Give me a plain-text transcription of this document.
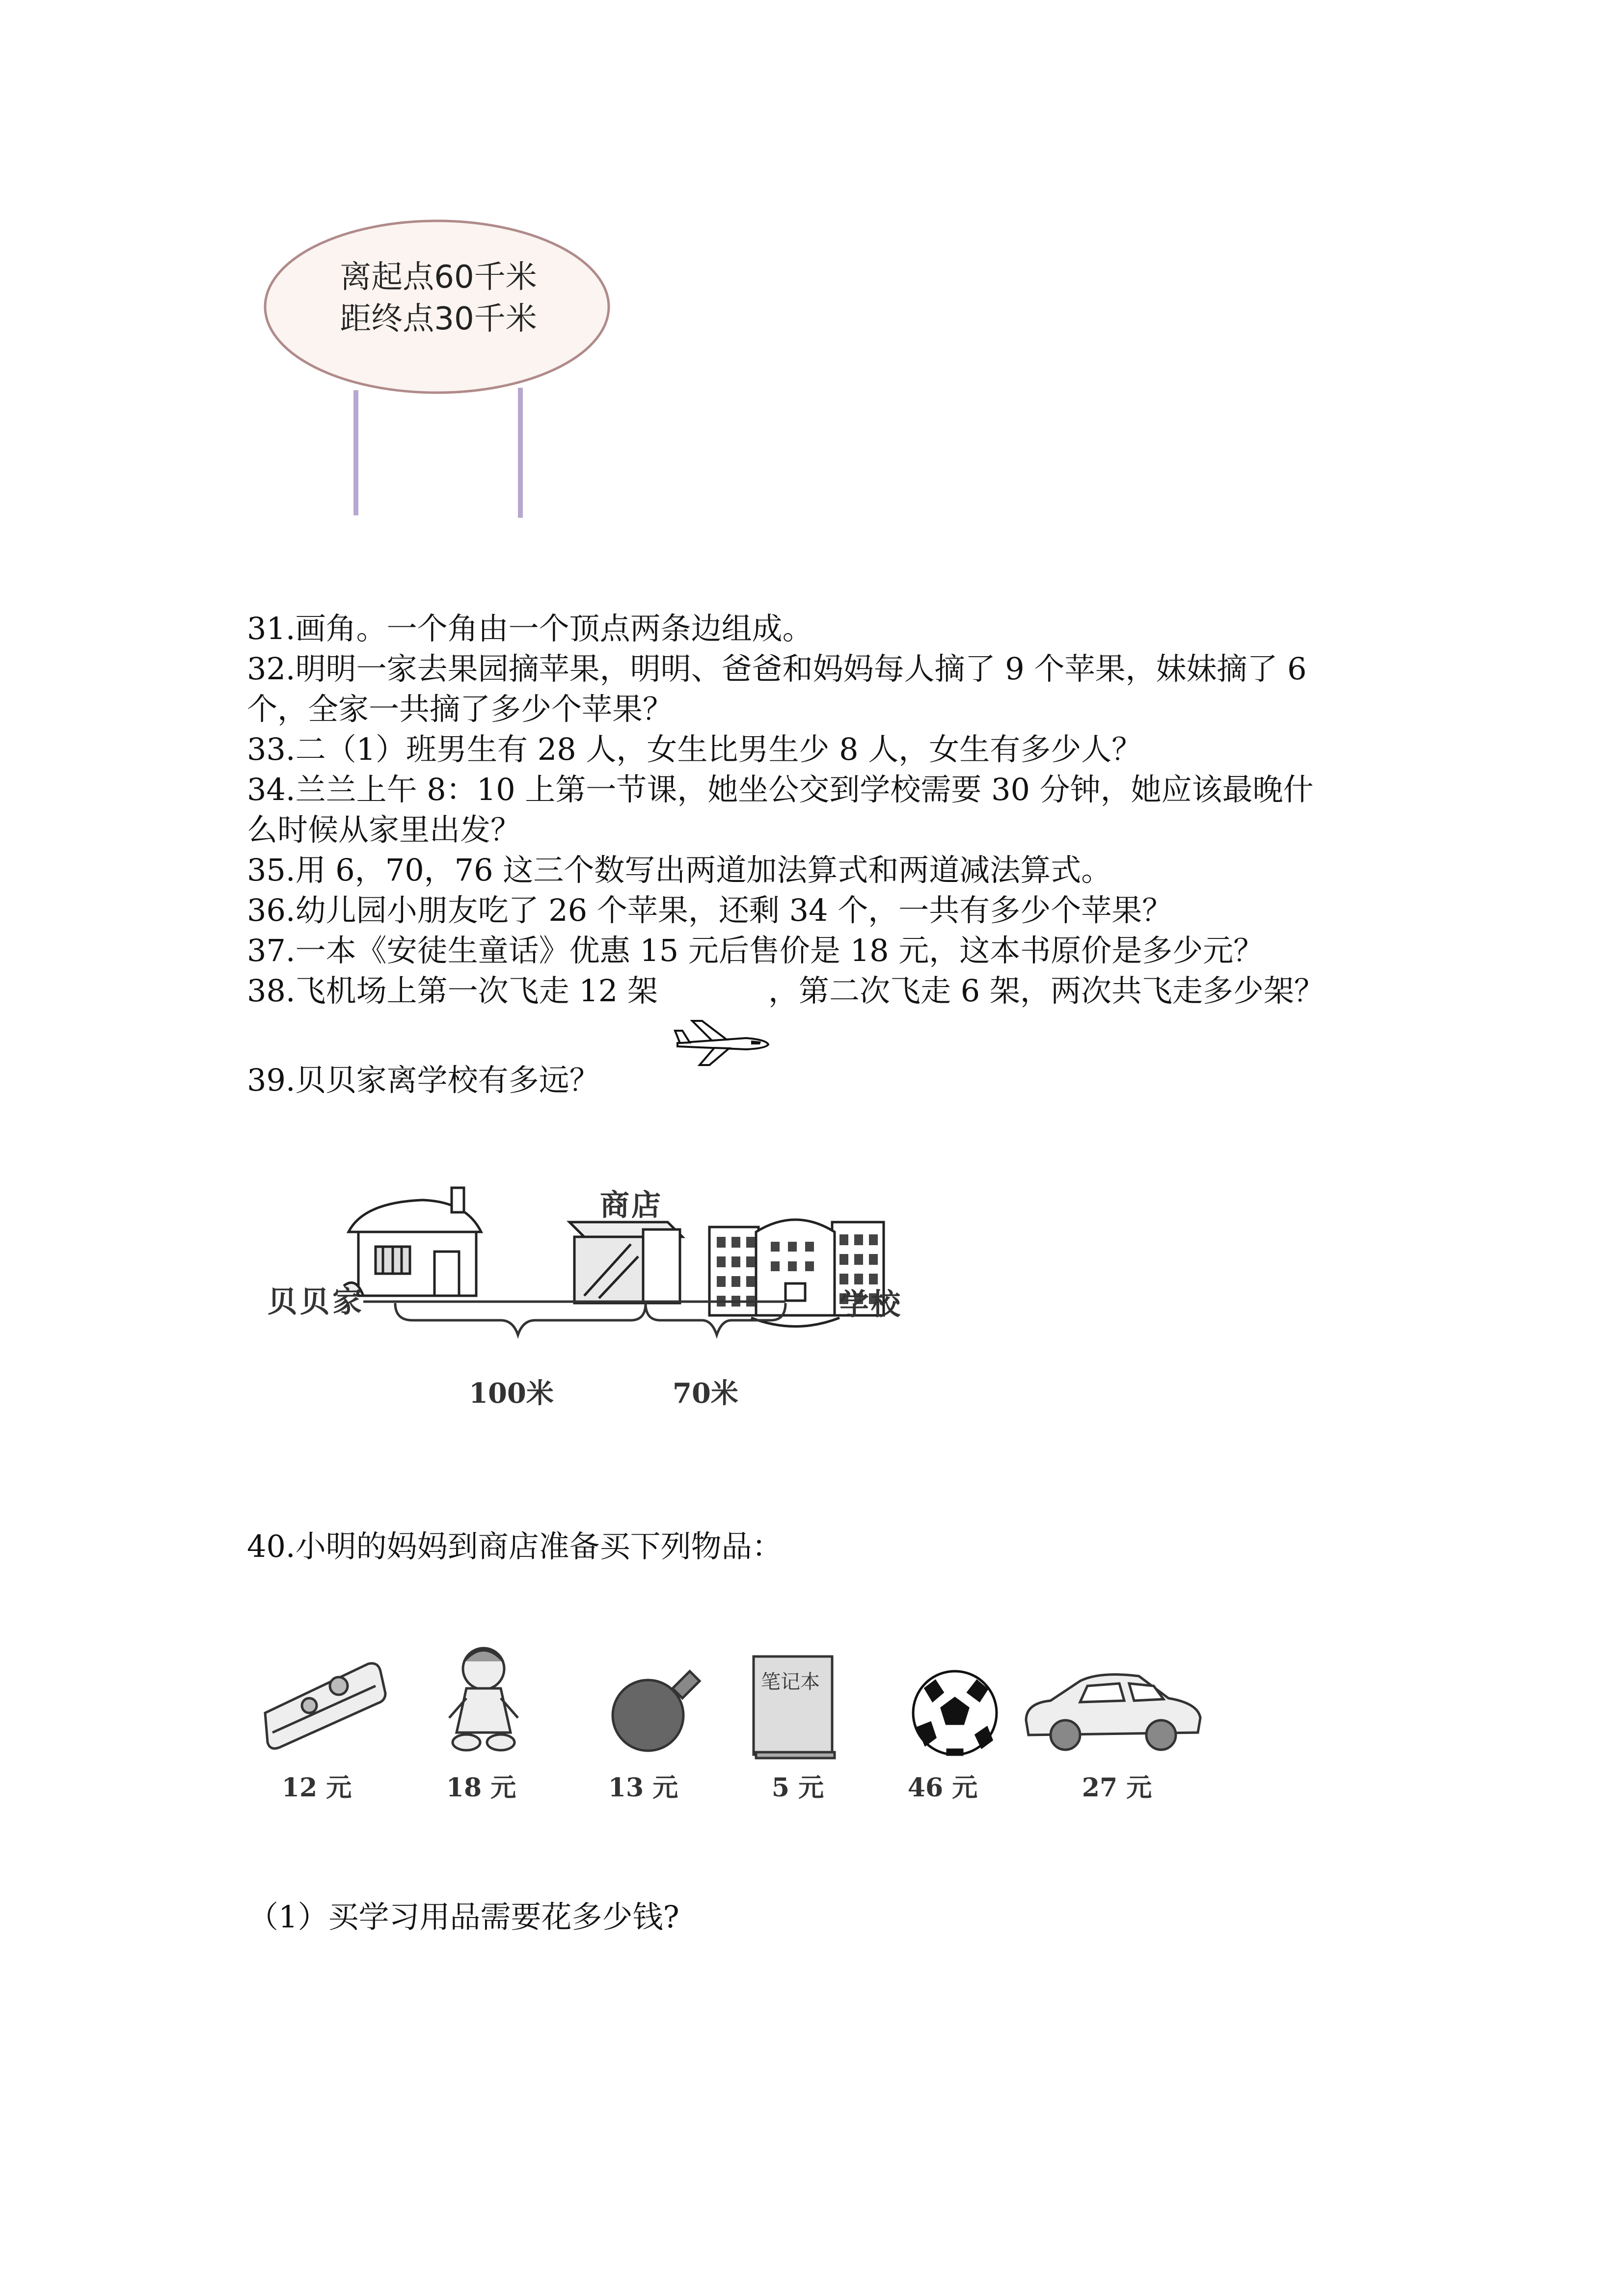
离起点60千米
距终点30千米
31.画角。一个角由一个顶点两条边组成。
32.明明一家去果园摘苹果，明明、爸爸和妈妈每人摘了 9 个苹果，妹妹摘了 6
个，全家一共摘了多少个苹果？
33.二（1）班男生有 28 人，女生比男生少 8 人，女生有多少人？
34.兰兰上午 8：10 上第一节课，她坐公交到学校需要 30 分钟，她应该最晚什
么时候从家里出发？
35.用 6，70，76 这三个数写出两道加法算式和两道减法算式。
36.幼儿园小朋友吃了 26 个苹果，还剩 34 个，一共有多少个苹果？
37.一本《安徒生童话》优惠 15 元后售价是 18 元，这本书原价是多少元？
38.飞机场上第一次飞走 12 架	，第二次飞走 6 架，两次共飞走多少架？
39.贝贝家离学校有多远？
贝贝家
商店
学校
100米	70米
40.小明的妈妈到商店准备买下列物品：
笔记本
12 元	18 元	13 元	5 元	46 元	27 元
（1）买学习用品需要花多少钱?
